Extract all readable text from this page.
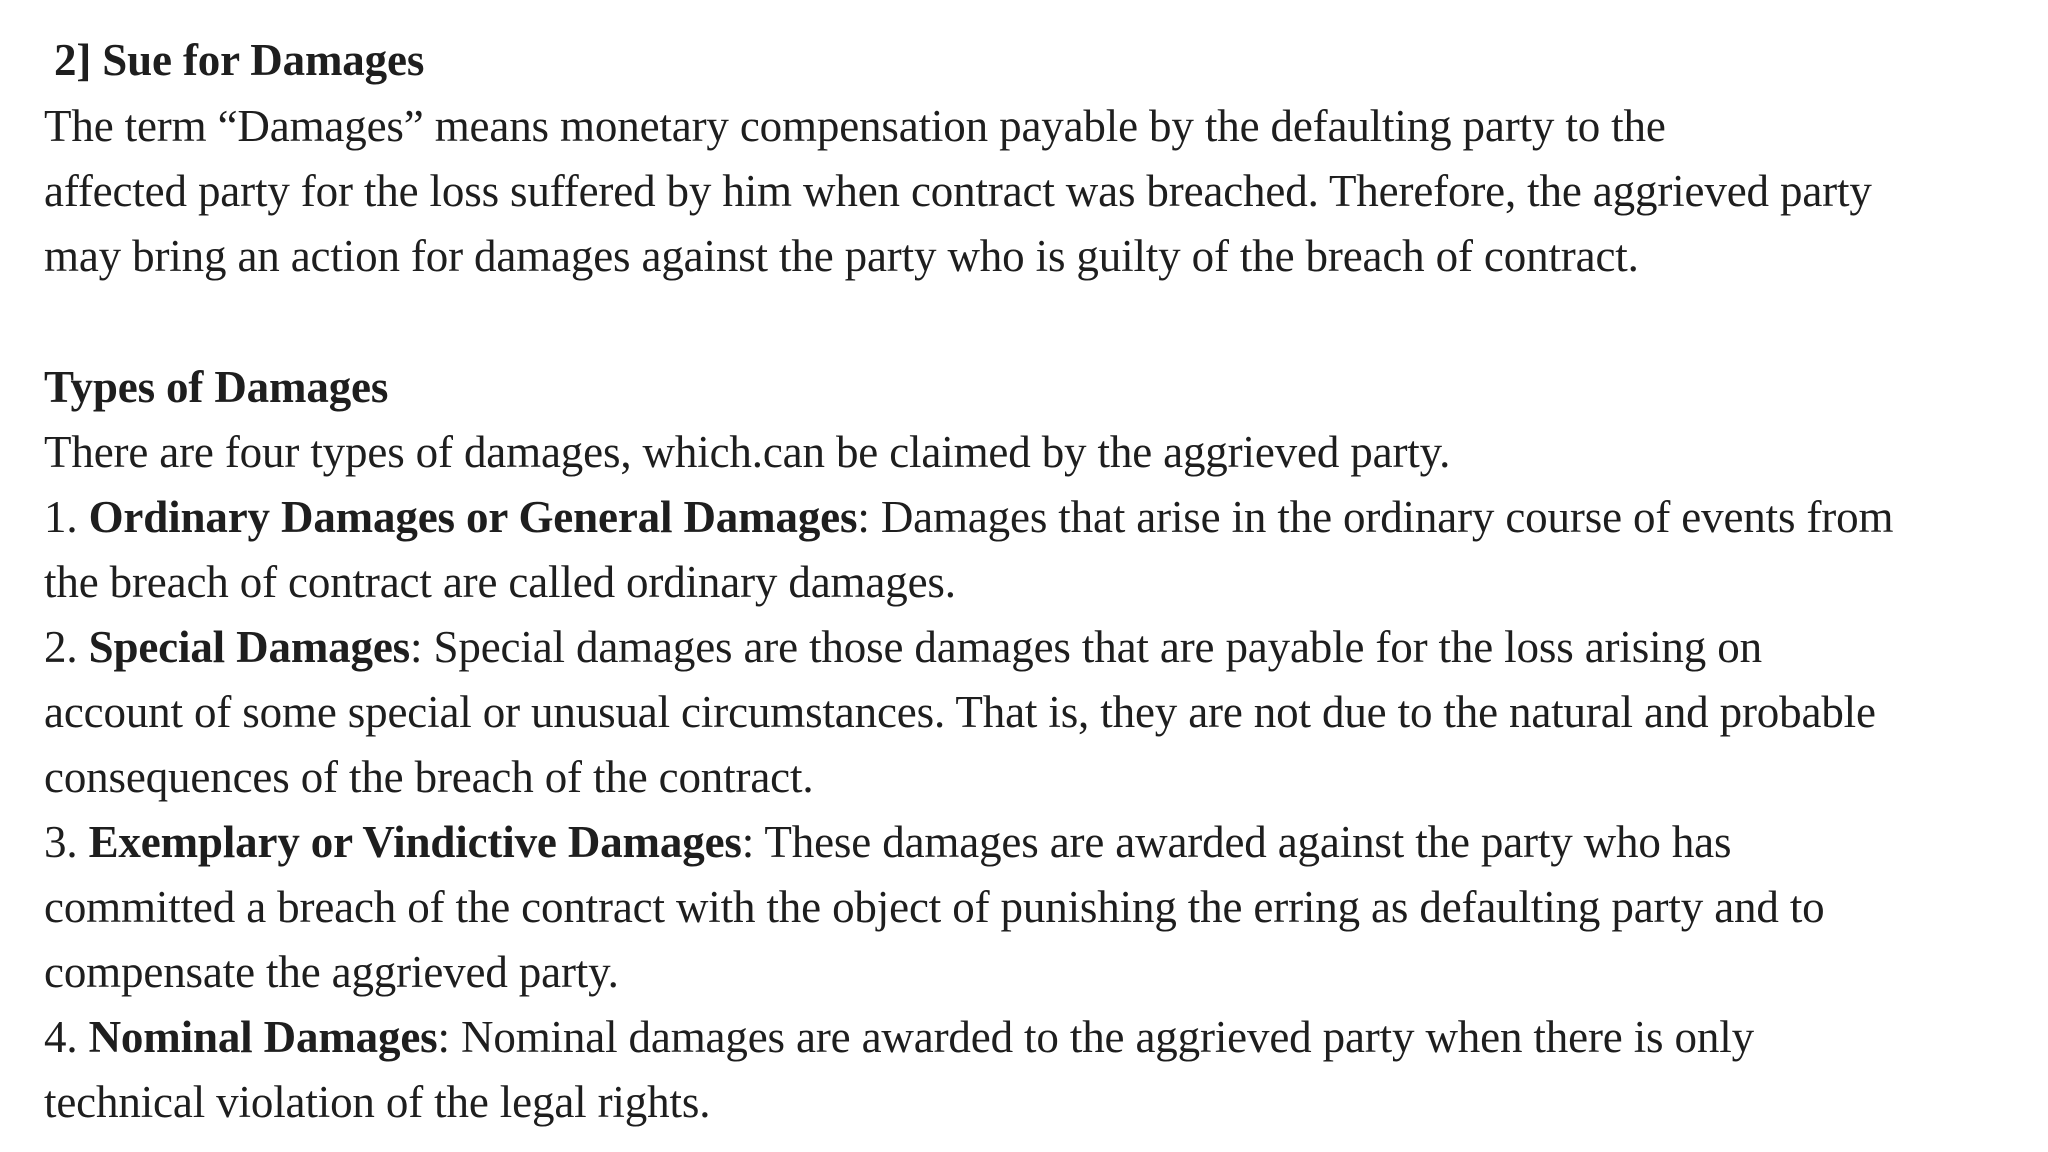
2] Sue for Damages
The term “Damages” means monetary compensation payable by the defaulting party to the
affected party for the loss suffered by him when contract was breached. Therefore, the aggrieved party
may bring an action for damages against the party who is guilty of the breach of contract.
Types of Damages
There are four types of damages, which.can be claimed by the aggrieved party.
1. Ordinary Damages or General Damages: Damages that arise in the ordinary course of events from
the breach of contract are called ordinary damages.
2. Special Damages: Special damages are those damages that are payable for the loss arising on
account of some special or unusual circumstances. That is, they are not due to the natural and probable
consequences of the breach of the contract.
3. Exemplary or Vindictive Damages: These damages are awarded against the party who has
committed a breach of the contract with the object of punishing the erring as defaulting party and to
compensate the aggrieved party.
4. Nominal Damages: Nominal damages are awarded to the aggrieved party when there is only
technical violation of the legal rights.
